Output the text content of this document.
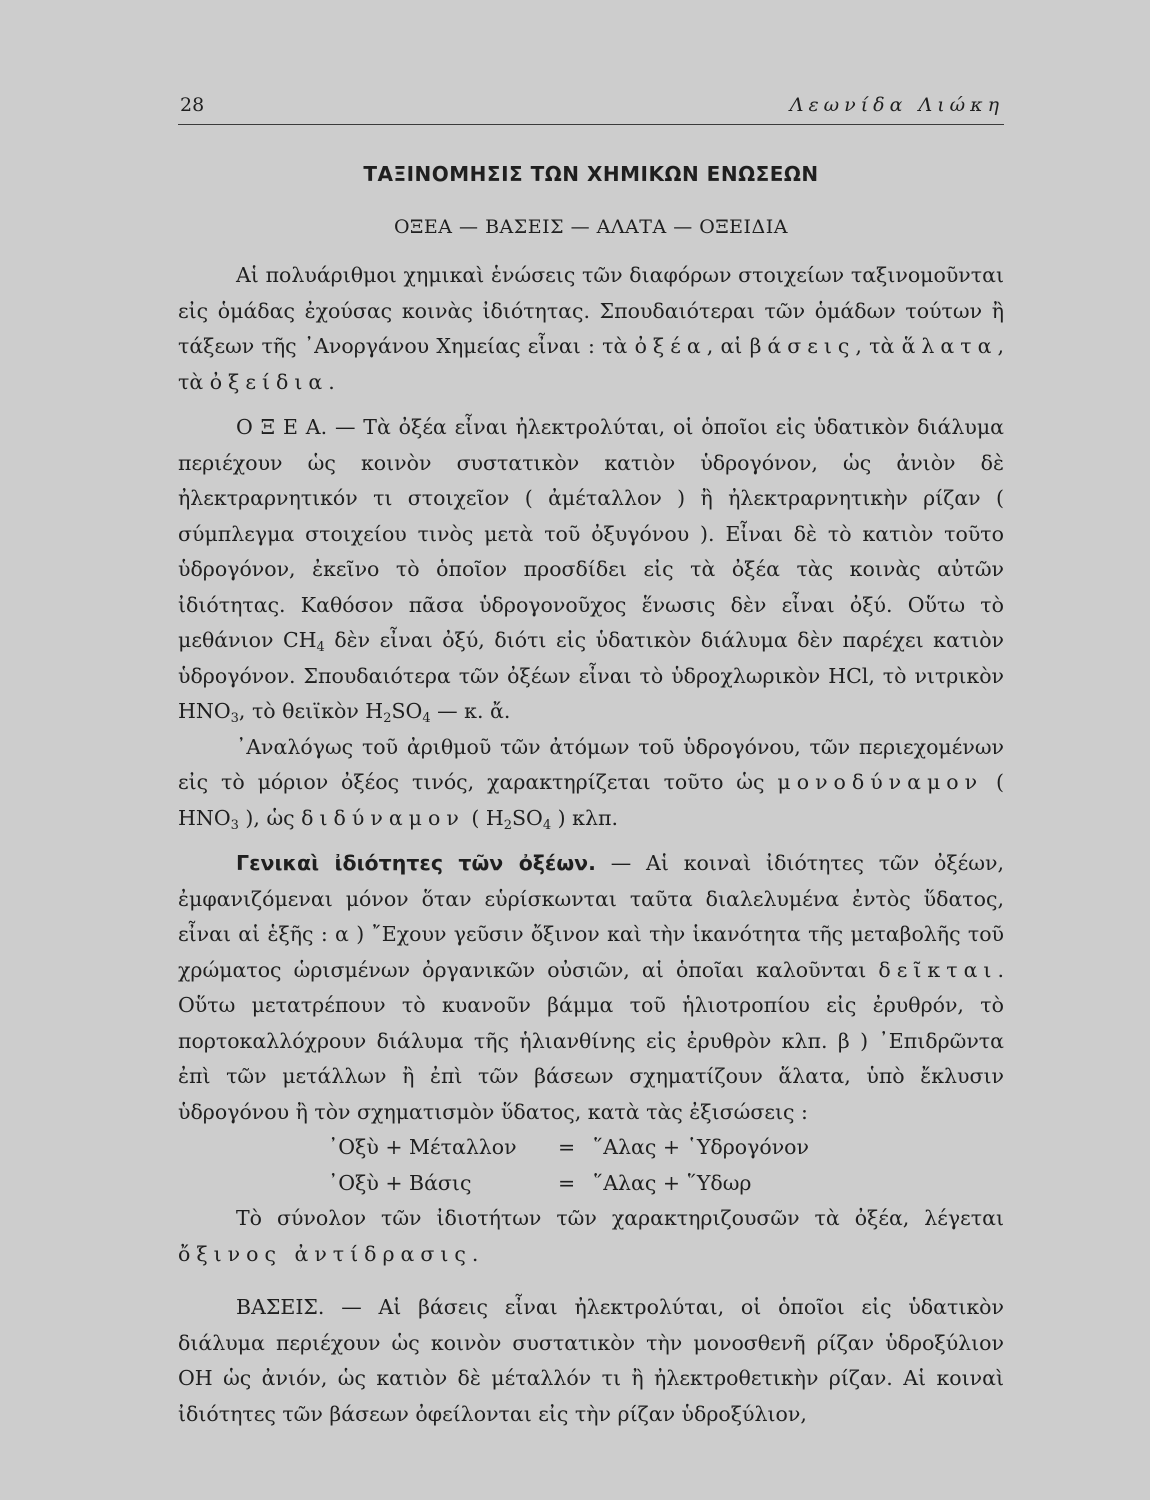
28	Λεωνίδα Λιώκη
ΤΑΞΙΝΟΜΗΣΙΣ ΤΩΝ ΧΗΜΙΚΩΝ ΕΝΩΣΕΩΝ
ΟΞΕΑ — ΒΑΣΕΙΣ — ΑΛΑΤΑ — ΟΞΕΙΔΙΑ

Αἱ πολυάριθμοι χημικαὶ ἑνώσεις τῶν διαφόρων στοιχείων ταξινομοῦνται εἰς ὁμάδας ἐχούσας κοινὰς ἰδιότητας. Σπουδαιότεραι τῶν ὁμάδων τούτων ἢ τάξεων τῆς ᾿Ανοργάνου Χημείας εἶναι : τὰ ὀξέα, αἱ βάσεις, τὰ ἅλατα, τὰ ὀξείδια.

Ο Ξ Ε Α. — Τὰ ὀξέα εἶναι ἠλεκτρολύται, οἱ ὁποῖοι εἰς ὑδατικὸν διάλυμα περιέχουν ὡς κοινὸν συστατικὸν κατιὸν ὑδρογόνον, ὡς ἀνιὸν δὲ ἠλεκτραρνητικόν τι στοιχεῖον ( ἀμέταλλον ) ἢ ἠλεκτραρνητικὴν ρίζαν ( σύμπλεγμα στοιχείου τινὸς μετὰ τοῦ ὀξυγόνου ). Εἶναι δὲ τὸ κατιὸν τοῦτο ὑδρογόνον, ἐκεῖνο τὸ ὁποῖον προσδίδει εἰς τὰ ὀξέα τὰς κοινὰς αὐτῶν ἰδιότητας. Καθόσον πᾶσα ὑδρογονοῦχος ἕνωσις δὲν εἶναι ὀξύ. Οὕτω τὸ μεθάνιον $CH_4$ δὲν εἶναι ὀξύ, διότι εἰς ὑδατικὸν διάλυμα δὲν παρέχει κατιὸν ὑδρογόνον. Σπουδαιότερα τῶν ὀξέων εἶναι τὸ ὑδροχλωρικὸν HCl, τὸ νιτρικὸν $HNO_3$, τὸ θειϊκὸν $H_2SO_4$ — κ. ἄ.

᾿Αναλόγως τοῦ ἀριθμοῦ τῶν ἀτόμων τοῦ ὑδρογόνου, τῶν περιεχομένων εἰς τὸ μόριον ὀξέος τινός, χαρακτηρίζεται τοῦτο ὡς μονοδύναμον ( $HNO_3$ ), ὡς διδύναμον ( $H_2SO_4$ ) κλπ.

Γενικαὶ ἰδιότητες τῶν ὀξέων. — Αἱ κοιναὶ ἰδιότητες τῶν ὀξέων, ἐμφανιζόμεναι μόνον ὅταν εὑρίσκωνται ταῦτα διαλελυμένα ἐντὸς ὕδατος, εἶναι αἱ ἑξῆς : α ) ῎Εχουν γεῦσιν ὄξινον καὶ τὴν ἱκανότητα τῆς μεταβολῆς τοῦ χρώματος ὡρισμένων ὀργανικῶν οὐσιῶν, αἱ ὁποῖαι καλοῦνται δεῖκται. Οὕτω μετατρέπουν τὸ κυανοῦν βάμμα τοῦ ἡλιοτροπίου εἰς ἐρυθρόν, τὸ πορτοκαλλόχρουν διάλυμα τῆς ἡλιανθίνης εἰς ἐρυθρὸν κλπ. β ) ᾿Επιδρῶντα ἐπὶ τῶν μετάλλων ἢ ἐπὶ τῶν βάσεων σχηματίζουν ἅλατα, ὑπὸ ἔκλυσιν ὑδρογόνου ἢ τὸν σχηματισμὸν ὕδατος, κατὰ τὰς ἐξισώσεις :

᾿Οξὺ + Μέταλλον	= ῞Αλας + ῾Υδρογόνον

᾿Οξὺ + Βάσις	= ῞Αλας + ῞Υδωρ

Τὸ σύνολον τῶν ἰδιοτήτων τῶν χαρακτηριζουσῶν τὰ ὀξέα, λέγεται ὄξινος ἀντίδρασις.

ΒΑΣΕΙΣ. — Αἱ βάσεις εἶναι ἠλεκτρολύται, οἱ ὁποῖοι εἰς ὑδατικὸν διάλυμα περιέχουν ὡς κοινὸν συστατικὸν τὴν μονοσθενῆ ρίζαν ὑδροξύλιον ΟΗ ὡς ἀνιόν, ὡς κατιὸν δὲ μέταλλόν τι ἢ ἠλεκτροθετικὴν ρίζαν. Αἱ κοιναὶ ἰδιότητες τῶν βάσεων ὀφείλονται εἰς τὴν ρίζαν ὑδροξύλιον,
